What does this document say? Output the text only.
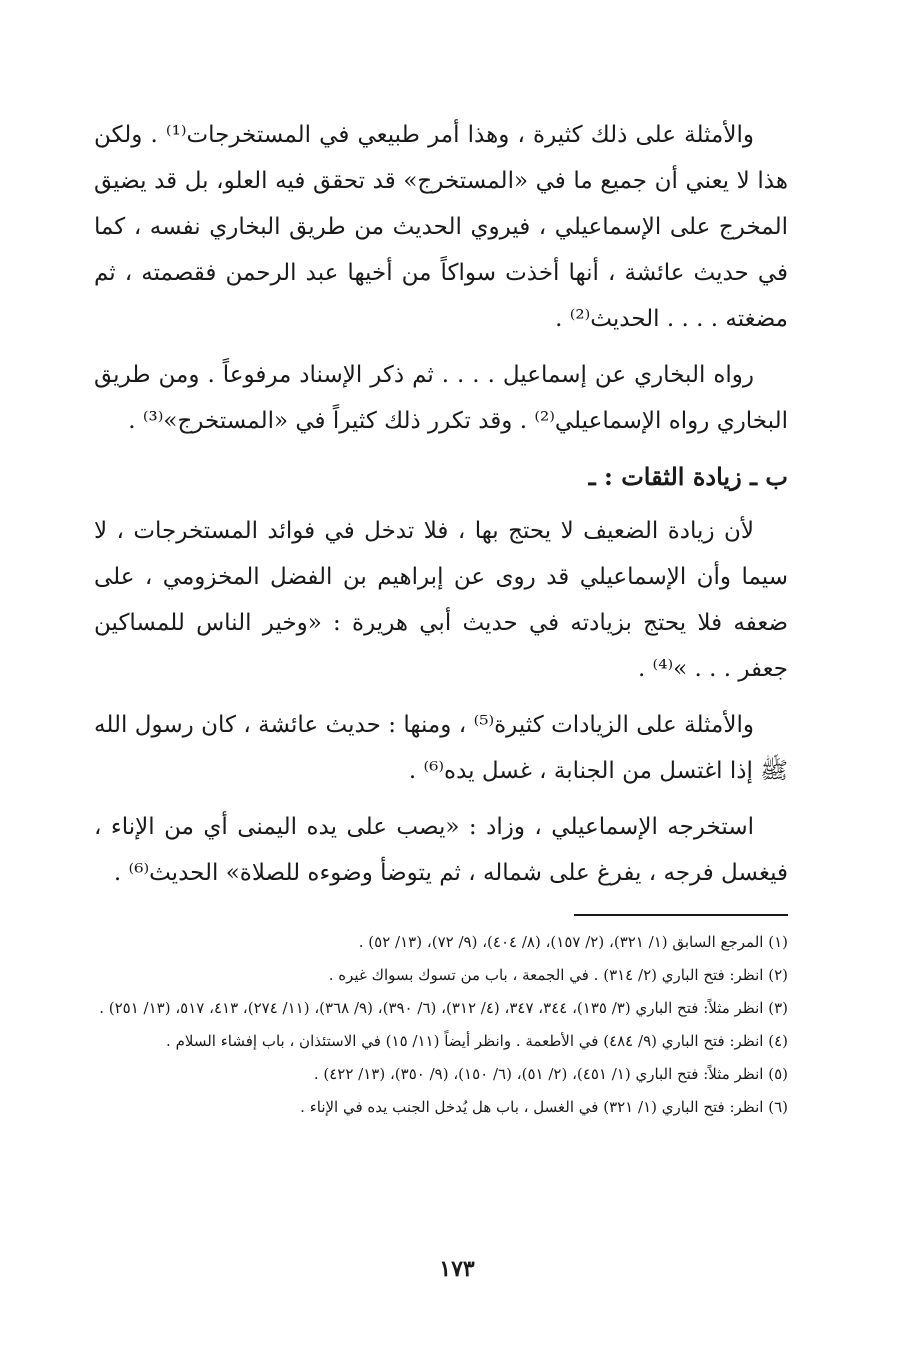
والأمثلة على ذلك كثيرة ، وهذا أمر طبيعي في المستخرجات⁽¹⁾ . ولكن هذا لا يعني أن جميع ما في «المستخرج» قد تحقق فيه العلو، بل قد يضيق المخرج على الإسماعيلي ، فيروي الحديث من طريق البخاري نفسه ، كما في حديث عائشة ، أنها أخذت سواكاً من أخيها عبد الرحمن فقصمته ، ثم مضغته . . . . الحديث⁽²⁾ .

رواه البخاري عن إسماعيل . . . . ثم ذكر الإسناد مرفوعاً . ومن طريق البخاري رواه الإسماعيلي⁽²⁾ . وقد تكرر ذلك كثيراً في «المستخرج»⁽³⁾ .

ب ـ زيادة الثقات : ـ

لأن زيادة الضعيف لا يحتج بها ، فلا تدخل في فوائد المستخرجات ، لا سيما وأن الإسماعيلي قد روى عن إبراهيم بن الفضل المخزومي ، على ضعفه فلا يحتج بزيادته في حديث أبي هريرة : «وخير الناس للمساكين جعفر . . . »⁽⁴⁾ .

والأمثلة على الزيادات كثيرة⁽⁵⁾ ، ومنها : حديث عائشة ، كان رسول الله ﷺ إذا اغتسل من الجنابة ، غسل يده⁽⁶⁾ .

استخرجه الإسماعيلي ، وزاد : «يصب على يده اليمنى أي من الإناء ، فيغسل فرجه ، يفرغ على شماله ، ثم يتوضأ وضوءه للصلاة» الحديث⁽⁶⁾ .

(١) المرجع السابق (١/ ٣٢١)، (٢/ ١٥٧)، (٨/ ٤٠٤)، (٩/ ٧٢)، (١٣/ ٥٢) .

(٢) انظر: فتح الباري (٢/ ٣١٤) . في الجمعة ، باب من تسوك بسواك غيره .

(٣) انظر مثلاً: فتح الباري (٣/ ١٣٥)، ٣٤٤، ٣٤٧، (٤/ ٣١٢)، (٦/ ٣٩٠)، (٩/ ٣٦٨)، (١١/ ٢٧٤)، ٤١٣، ٥١٧، (١٣/ ٢٥١) .

(٤) انظر: فتح الباري (٩/ ٤٨٤) في الأطعمة . وانظر أيضاً (١١/ ١٥) في الاستئذان ، باب إفشاء السلام .

(٥) انظر مثلاً: فتح الباري (١/ ٤٥١)، (٢/ ٥١)، (٦/ ١٥٠)، (٩/ ٣٥٠)، (١٣/ ٤٢٢) .

(٦) انظر: فتح الباري (١/ ٣٢١) في الغسل ، باب هل يُدخل الجنب يده في الإناء .

١٧٣
